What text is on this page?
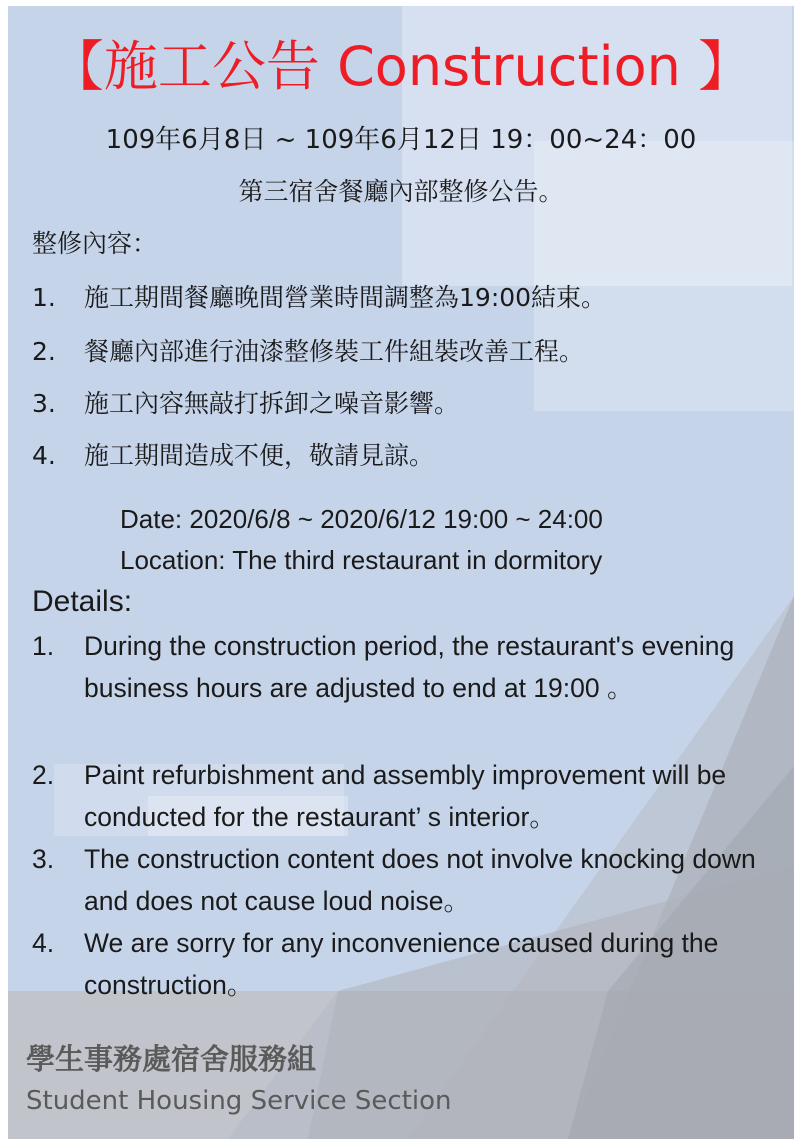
【施工公告 Construction 】
109年6月8日 ~ 109年6月12日 19：00~24：00
第三宿舍餐廳內部整修公告。
整修內容：
1. 施工期間餐廳晚間營業時間調整為19:00結束。
2. 餐廳內部進行油漆整修裝工件組裝改善工程。
3. 施工內容無敲打拆卸之噪音影響。
4. 施工期間造成不便，敬請見諒。
Date: 2020/6/8 ~ 2020/6/12 19:00 ~ 24:00
Location: The third restaurant in dormitory
Details:
1.	During the construction period, the restaurant's evening business hours are adjusted to end at 19:00 。
2.	Paint refurbishment and assembly improvement will be conducted for the restaurant’ s interior。
3.	The construction content does not involve knocking down and does not cause loud noise。
4.	We are sorry for any inconvenience caused during the construction。
學生事務處宿舍服務組
Student Housing Service Section
